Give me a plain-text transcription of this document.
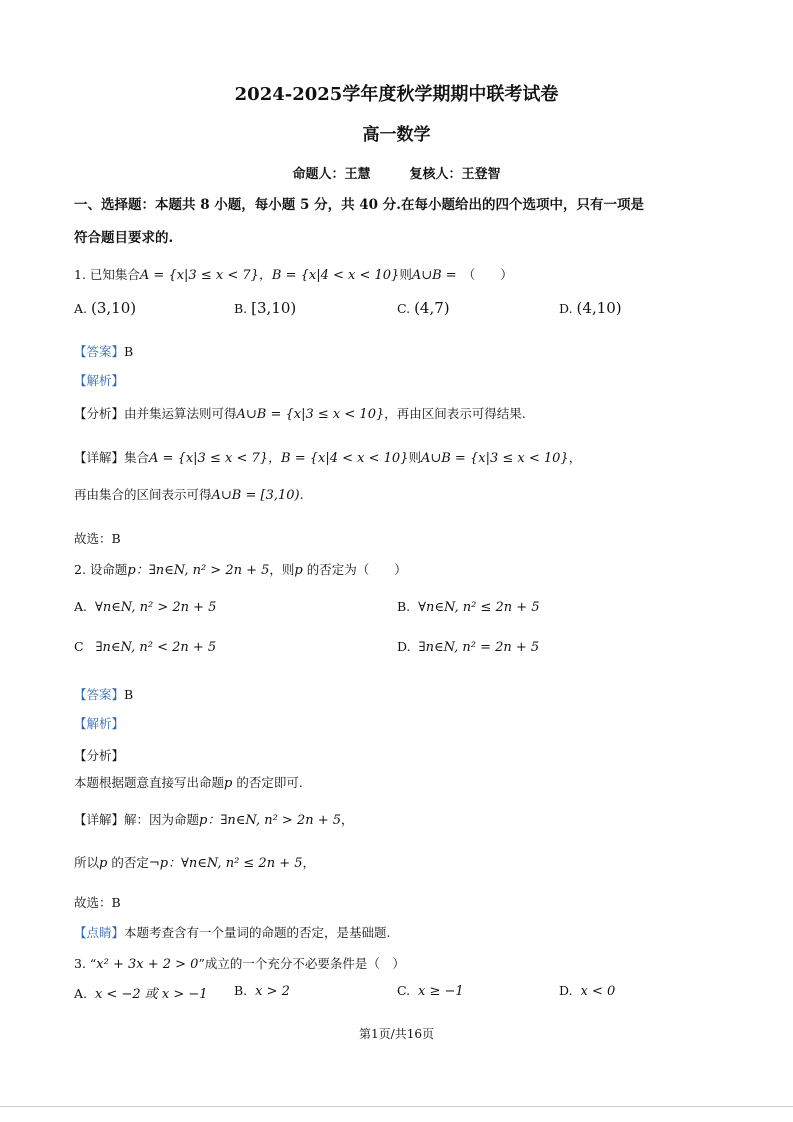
2024-2025学年度秋学期期中联考试卷
高一数学
命题人：王慧　　　复核人：王登智
一、选择题：本题共 8 小题，每小题 5 分，共 40 分.在每小题给出的四个选项中，只有一项是
符合题目要求的.
1. 已知集合A = {x|3 ≤ x < 7}，B = {x|4 < x < 10}则A∪B = （　　）
A. (3,10)	B. [3,10)	C. (4,7)	D. (4,10)
【答案】B
【解析】
【分析】由并集运算法则可得A∪B = {x|3 ≤ x < 10}，再由区间表示可得结果.
【详解】集合A = {x|3 ≤ x < 7}，B = {x|4 < x < 10}则A∪B = {x|3 ≤ x < 10}，
再由集合的区间表示可得A∪B = [3,10).
故选：B
2. 设命题p：∃n∈N, n² > 2n + 5，则p 的否定为（　　）
A. ∀n∈N, n² > 2n + 5	B. ∀n∈N, n² ≤ 2n + 5
C ∃n∈N, n² < 2n + 5	D. ∃n∈N, n² = 2n + 5
【答案】B
【解析】
【分析】
本题根据题意直接写出命题p 的否定即可.
【详解】解：因为命题p：∃n∈N, n² > 2n + 5，
所以p 的否定¬p：∀n∈N, n² ≤ 2n + 5，
故选：B
【点睛】本题考查含有一个量词的命题的否定，是基础题.
3. “x² + 3x + 2 > 0”成立的一个充分不必要条件是（　）
A. x < −2 或 x > −1 B. x > 2	C. x ≥ −1	D. x < 0
第1页/共16页
